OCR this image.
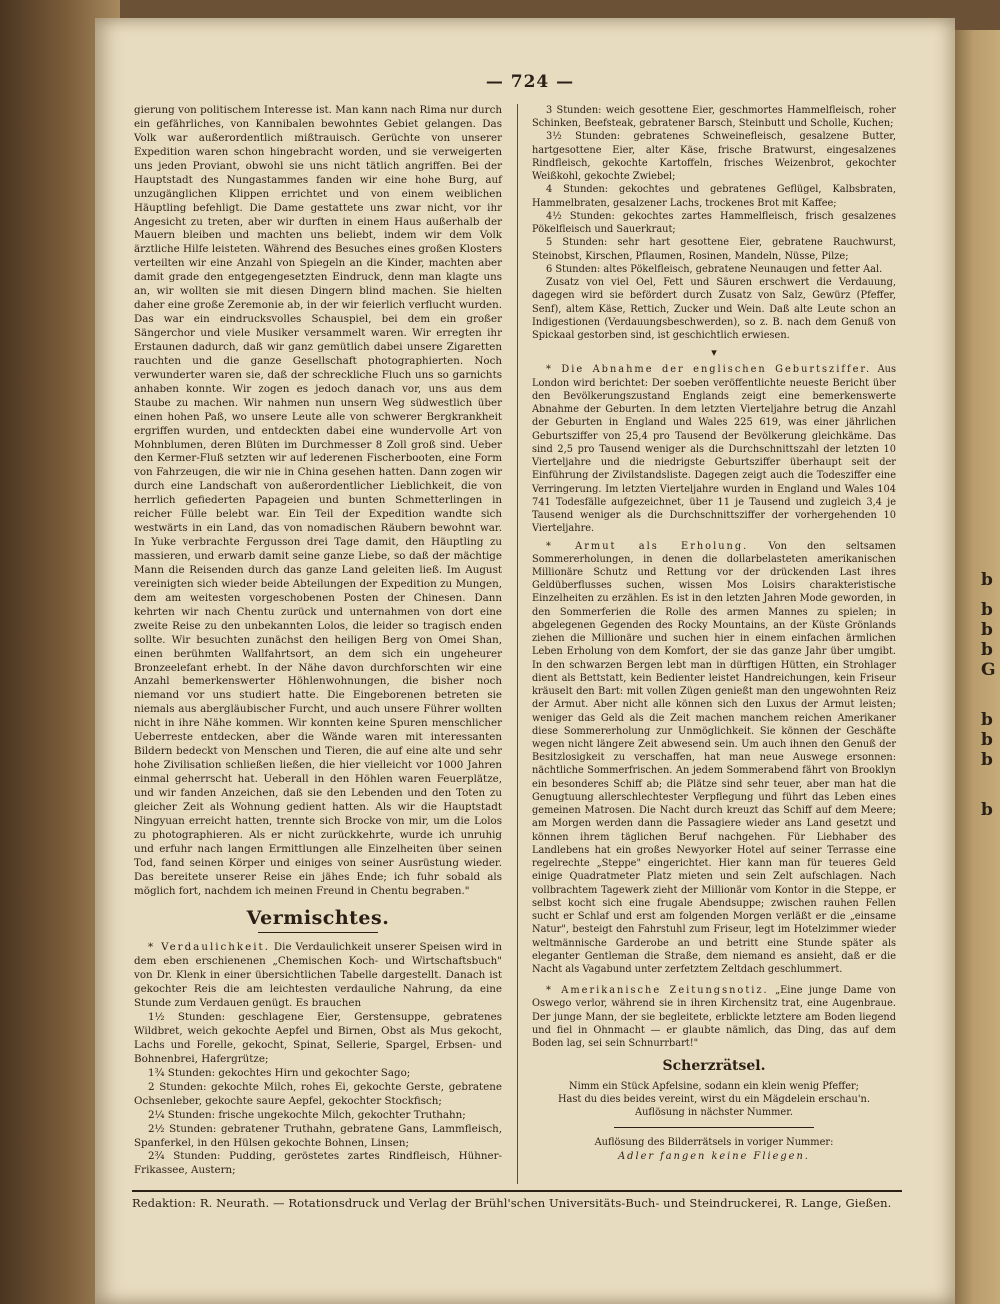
b
b
b
b
G
b
b
b
b
— 724 —

gierung von politischem Interesse ist. Man kann nach Rima nur durch ein gefährliches, von Kannibalen bewohntes Gebiet gelangen. Das Volk war außerordentlich mißtrauisch. Gerüchte von unserer Expedition waren schon hingebracht worden, und sie verweigerten uns jeden Proviant, obwohl sie uns nicht tätlich angriffen. Bei der Hauptstadt des Nungastammes fanden wir eine hohe Burg, auf unzugänglichen Klippen errichtet und von einem weiblichen Häuptling befehligt. Die Dame gestattete uns zwar nicht, vor ihr Angesicht zu treten, aber wir durften in einem Haus außerhalb der Mauern bleiben und machten uns beliebt, indem wir dem Volk ärztliche Hilfe leisteten. Während des Besuches eines großen Klosters verteilten wir eine Anzahl von Spiegeln an die Kinder, machten aber damit grade den entgegengesetzten Eindruck, denn man klagte uns an, wir wollten sie mit diesen Dingern blind machen. Sie hielten daher eine große Zeremonie ab, in der wir feierlich verflucht wurden. Das war ein eindrucksvolles Schauspiel, bei dem ein großer Sängerchor und viele Musiker versammelt waren. Wir erregten ihr Erstaunen dadurch, daß wir ganz gemütlich dabei unsere Zigaretten rauchten und die ganze Gesellschaft photographierten. Noch verwunderter waren sie, daß der schreckliche Fluch uns so garnichts anhaben konnte. Wir zogen es jedoch danach vor, uns aus dem Staube zu machen. Wir nahmen nun unsern Weg südwestlich über einen hohen Paß, wo unsere Leute alle von schwerer Bergkrankheit ergriffen wurden, und entdeckten dabei eine wundervolle Art von Mohnblumen, deren Blüten im Durchmesser 8 Zoll groß sind. Ueber den Kermer-Fluß setzten wir auf lederenen Fischerbooten, eine Form von Fahrzeugen, die wir nie in China gesehen hatten. Dann zogen wir durch eine Landschaft von außerordentlicher Lieblichkeit, die von herrlich gefiederten Papageien und bunten Schmetterlingen in reicher Fülle belebt war. Ein Teil der Expedition wandte sich westwärts in ein Land, das von nomadischen Räubern bewohnt war. In Yuke verbrachte Fergusson drei Tage damit, den Häuptling zu massieren, und erwarb damit seine ganze Liebe, so daß der mächtige Mann die Reisenden durch das ganze Land geleiten ließ. Im August vereinigten sich wieder beide Abteilungen der Expedition zu Mungen, dem am weitesten vorgeschobenen Posten der Chinesen. Dann kehrten wir nach Chentu zurück und unternahmen von dort eine zweite Reise zu den unbekannten Lolos, die leider so tragisch enden sollte. Wir besuchten zunächst den heiligen Berg von Omei Shan, einen berühmten Wallfahrtsort, an dem sich ein ungeheurer Bronzeelefant erhebt. In der Nähe davon durchforschten wir eine Anzahl bemerkenswerter Höhlenwohnungen, die bisher noch niemand vor uns studiert hatte. Die Eingeborenen betreten sie niemals aus abergläubischer Furcht, und auch unsere Führer wollten nicht in ihre Nähe kommen. Wir konnten keine Spuren menschlicher Ueberreste entdecken, aber die Wände waren mit interessanten Bildern bedeckt von Menschen und Tieren, die auf eine alte und sehr hohe Zivilisation schließen ließen, die hier vielleicht vor 1000 Jahren einmal geherrscht hat. Ueberall in den Höhlen waren Feuerplätze, und wir fanden Anzeichen, daß sie den Lebenden und den Toten zu gleicher Zeit als Wohnung gedient hatten. Als wir die Hauptstadt Ningyuan erreicht hatten, trennte sich Brocke von mir, um die Lolos zu photographieren. Als er nicht zurückkehrte, wurde ich unruhig und erfuhr nach langen Ermittlungen alle Einzelheiten über seinen Tod, fand seinen Körper und einiges von seiner Ausrüstung wieder. Das bereitete unserer Reise ein jähes Ende; ich fuhr sobald als möglich fort, nachdem ich meinen Freund in Chentu begraben."

Vermischtes.

* Verdaulichkeit. Die Verdaulichkeit unserer Speisen wird in dem eben erschienenen „Chemischen Koch- und Wirtschaftsbuch" von Dr. Klenk in einer übersichtlichen Tabelle dargestellt. Danach ist gekochter Reis die am leichtesten verdauliche Nahrung, da eine Stunde zum Verdauen genügt. Es brauchen

1½ Stunden: geschlagene Eier, Gerstensuppe, gebratenes Wildbret, weich gekochte Aepfel und Birnen, Obst als Mus gekocht, Lachs und Forelle, gekocht, Spinat, Sellerie, Spargel, Erbsen- und Bohnenbrei, Hafergrütze;

1¾ Stunden: gekochtes Hirn und gekochter Sago;

2 Stunden: gekochte Milch, rohes Ei, gekochte Gerste, gebratene Ochsenleber, gekochte saure Aepfel, gekochter Stockfisch;

2¼ Stunden: frische ungekochte Milch, gekochter Truthahn;

2½ Stunden: gebratener Truthahn, gebratene Gans, Lammfleisch, Spanferkel, in den Hülsen gekochte Bohnen, Linsen;

2¾ Stunden: Pudding, geröstetes zartes Rindfleisch, Hühner-Frikassee, Austern;

3 Stunden: weich gesottene Eier, geschmortes Hammelfleisch, roher Schinken, Beefsteak, gebratener Barsch, Steinbutt und Scholle, Kuchen;

3½ Stunden: gebratenes Schweinefleisch, gesalzene Butter, hartgesottene Eier, alter Käse, frische Bratwurst, eingesalzenes Rindfleisch, gekochte Kartoffeln, frisches Weizenbrot, gekochter Weißkohl, gekochte Zwiebel;

4 Stunden: gekochtes und gebratenes Geflügel, Kalbsbraten, Hammelbraten, gesalzener Lachs, trockenes Brot mit Kaffee;

4½ Stunden: gekochtes zartes Hammelfleisch, frisch gesalzenes Pökelfleisch und Sauerkraut;

5 Stunden: sehr hart gesottene Eier, gebratene Rauchwurst, Steinobst, Kirschen, Pflaumen, Rosinen, Mandeln, Nüsse, Pilze;

6 Stunden: altes Pökelfleisch, gebratene Neunaugen und fetter Aal.

Zusatz von viel Oel, Fett und Säuren erschwert die Verdauung, dagegen wird sie befördert durch Zusatz von Salz, Gewürz (Pfeffer, Senf), altem Käse, Rettich, Zucker und Wein. Daß alte Leute schon an Indigestionen (Verdauungsbeschwerden), so z. B. nach dem Genuß von Spickaal gestorben sind, ist geschichtlich erwiesen.

▾

* Die Abnahme der englischen Geburtsziffer. Aus London wird berichtet: Der soeben veröffentlichte neueste Bericht über den Bevölkerungszustand Englands zeigt eine bemerkenswerte Abnahme der Geburten. In dem letzten Vierteljahre betrug die Anzahl der Geburten in England und Wales 225 619, was einer jährlichen Geburtsziffer von 25,4 pro Tausend der Bevölkerung gleichkäme. Das sind 2,5 pro Tausend weniger als die Durchschnittszahl der letzten 10 Vierteljahre und die niedrigste Geburtsziffer überhaupt seit der Einführung der Zivilstandsliste. Dagegen zeigt auch die Todesziffer eine Verringerung. Im letzten Vierteljahre wurden in England und Wales 104 741 Todesfälle aufgezeichnet, über 11 je Tausend und zugleich 3,4 je Tausend weniger als die Durchschnittsziffer der vorhergehenden 10 Vierteljahre.

* Armut als Erholung. Von den seltsamen Sommererholungen, in denen die dollarbelasteten amerikanischen Millionäre Schutz und Rettung vor der drückenden Last ihres Geldüberflusses suchen, wissen Mos Loisirs charakteristische Einzelheiten zu erzählen. Es ist in den letzten Jahren Mode geworden, in den Sommerferien die Rolle des armen Mannes zu spielen; in abgelegenen Gegenden des Rocky Mountains, an der Küste Grönlands ziehen die Millionäre und suchen hier in einem einfachen ärmlichen Leben Erholung von dem Komfort, der sie das ganze Jahr über umgibt. In den schwarzen Bergen lebt man in dürftigen Hütten, ein Strohlager dient als Bettstatt, kein Bedienter leistet Handreichungen, kein Friseur kräuselt den Bart: mit vollen Zügen genießt man den ungewohnten Reiz der Armut. Aber nicht alle können sich den Luxus der Armut leisten; weniger das Geld als die Zeit machen manchem reichen Amerikaner diese Sommererholung zur Unmöglichkeit. Sie können der Geschäfte wegen nicht längere Zeit abwesend sein. Um auch ihnen den Genuß der Besitzlosigkeit zu verschaffen, hat man neue Auswege ersonnen: nächtliche Sommerfrischen. An jedem Sommerabend fährt von Brooklyn ein besonderes Schiff ab; die Plätze sind sehr teuer, aber man hat die Genugtuung allerschlechtester Verpflegung und führt das Leben eines gemeinen Matrosen. Die Nacht durch kreuzt das Schiff auf dem Meere; am Morgen werden dann die Passagiere wieder ans Land gesetzt und können ihrem täglichen Beruf nachgehen. Für Liebhaber des Landlebens hat ein großes Newyorker Hotel auf seiner Terrasse eine regelrechte „Steppe" eingerichtet. Hier kann man für teueres Geld einige Quadratmeter Platz mieten und sein Zelt aufschlagen. Nach vollbrachtem Tagewerk zieht der Millionär vom Kontor in die Steppe, er selbst kocht sich eine frugale Abendsuppe; zwischen rauhen Fellen sucht er Schlaf und erst am folgenden Morgen verläßt er die „einsame Natur", besteigt den Fahrstuhl zum Friseur, legt im Hotelzimmer wieder weltmännische Garderobe an und betritt eine Stunde später als eleganter Gentleman die Straße, dem niemand es ansieht, daß er die Nacht als Vagabund unter zerfetztem Zeltdach geschlummert.

* Amerikanische Zeitungsnotiz. „Eine junge Dame von Oswego verlor, während sie in ihren Kirchensitz trat, eine Augenbraue. Der junge Mann, der sie begleitete, erblickte letztere am Boden liegend und fiel in Ohnmacht — er glaubte nämlich, das Ding, das auf dem Boden lag, sei sein Schnurrbart!"

Scherzrätsel.
Nimm ein Stück Apfelsine, sodann ein klein wenig Pfeffer;
Hast du dies beides vereint, wirst du ein Mägdelein erschau'n.
Auflösung in nächster Nummer.
Auflösung des Bilderrätsels in voriger Nummer:
Adler fangen keine Fliegen.
Redaktion: R. Neurath. — Rotationsdruck und Verlag der Brühl'schen Universitäts-Buch- und Steindruckerei, R. Lange, Gießen.
